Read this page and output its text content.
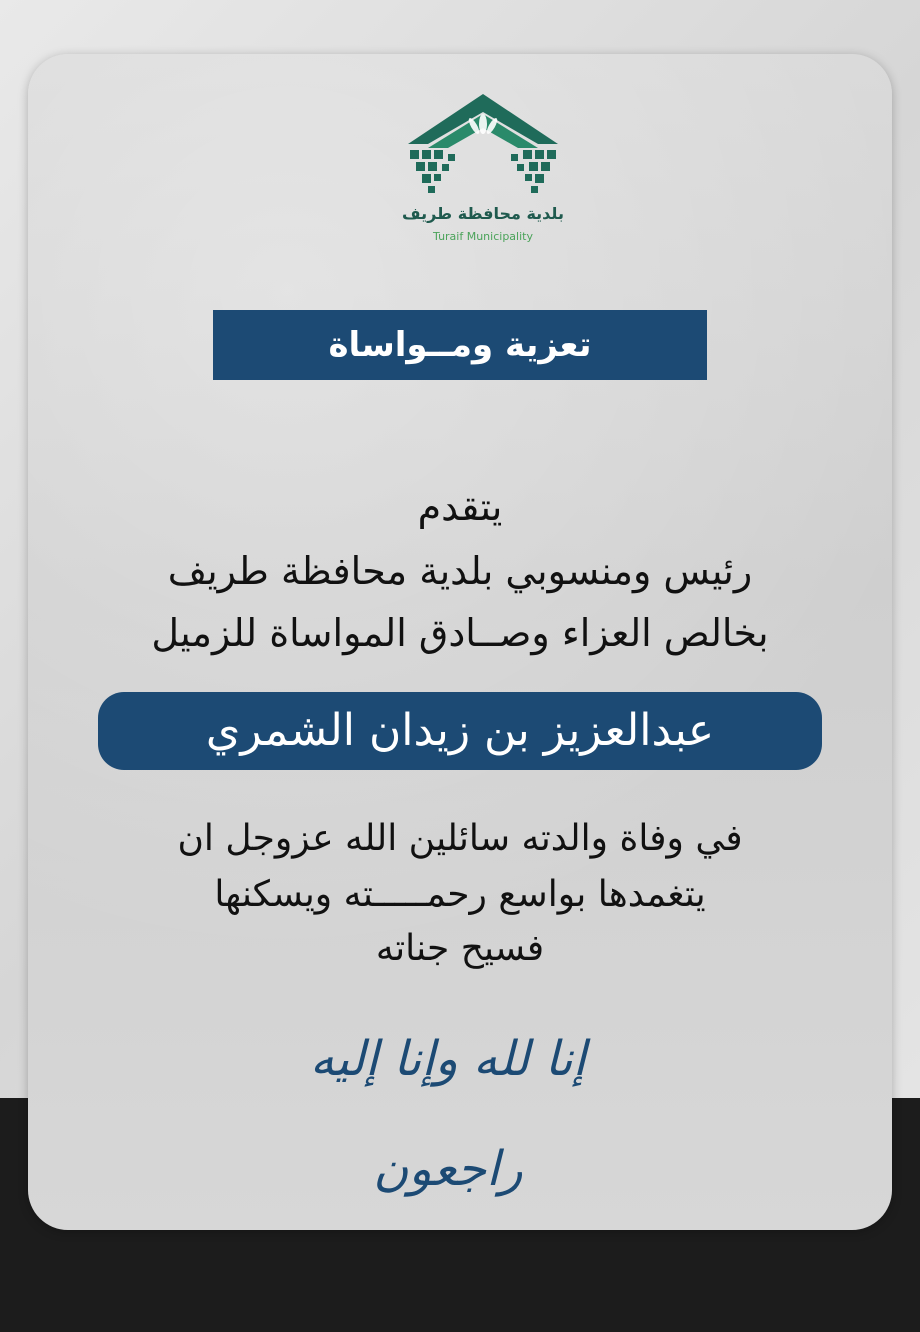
بلدية محافظة طريف
Turaif Municipality
تعزية ومــواساة
يتقدم
رئيس ومنسوبي بلدية محافظة طريف
بخالص العزاء وصــادق المواساة للزميل
عبدالعزيز بن زيدان الشمري
في وفاة والدته سائلين الله عزوجل ان
يتغمدها بواسع رحمـــــته ويسكنها
فسيح جناته
إنا لله وإنا إليه راجعون
